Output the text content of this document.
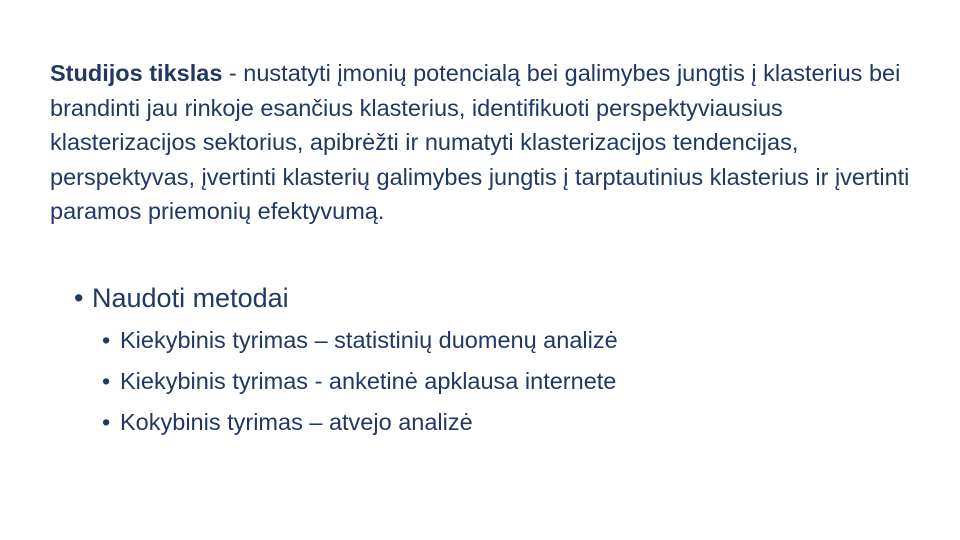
Studijos tikslas - nustatyti įmonių potencialą bei galimybes jungtis į klasterius bei brandinti jau rinkoje esančius klasterius, identifikuoti perspektyviausius klasterizacijos sektorius, apibrėžti ir numatyti klasterizacijos tendencijas, perspektyvas, įvertinti klasterių galimybes jungtis į tarptautinius klasterius ir įvertinti paramos priemonių efektyvumą.

• Naudoti metodai
• Kiekybinis tyrimas – statistinių duomenų analizė
• Kiekybinis tyrimas - anketinė apklausa internete
• Kokybinis tyrimas – atvejo analizė
